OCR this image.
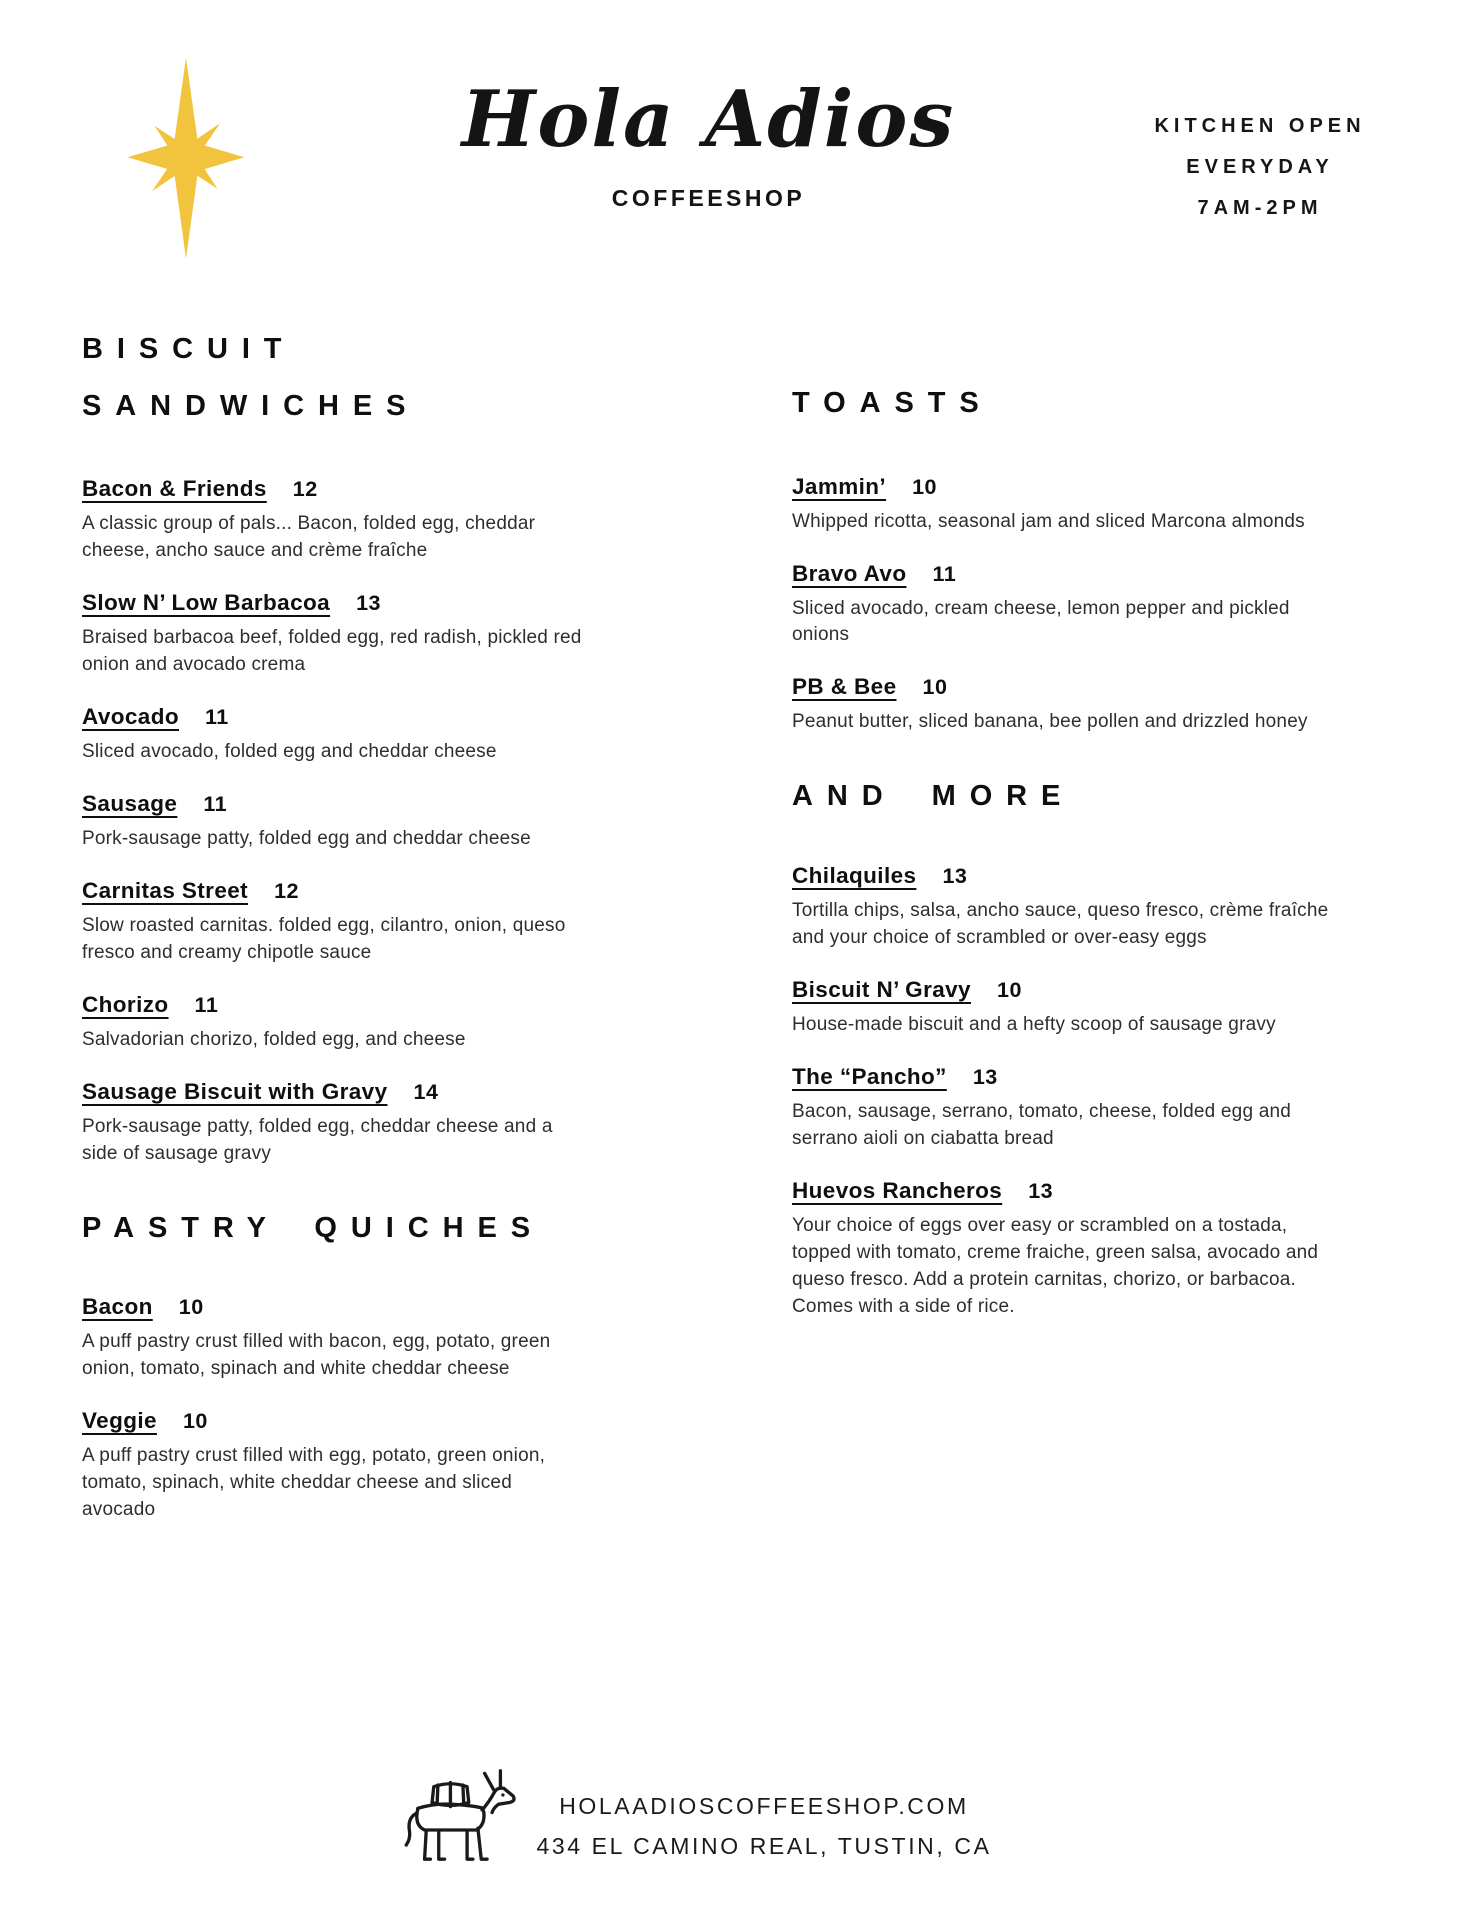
Hola Adios
COFFEESHOP
KITCHEN OPEN
EVERYDAY
7AM-2PM
BISCUIT
SANDWICHES
Bacon & Friends 12

A classic group of pals... Bacon, folded egg, cheddar cheese, ancho sauce and crème fraîche

Slow N’ Low Barbacoa 13

Braised barbacoa beef, folded egg, red radish, pickled red onion and avocado crema

Avocado 11

Sliced avocado, folded egg and cheddar cheese

Sausage 11

Pork-sausage patty, folded egg and cheddar cheese

Carnitas Street 12

Slow roasted carnitas. folded egg, cilantro, onion, queso fresco and creamy chipotle sauce

Chorizo 11

Salvadorian chorizo, folded egg, and cheese

Sausage Biscuit with Gravy 14

Pork-sausage patty, folded egg, cheddar cheese and a side of sausage gravy

PASTRY QUICHES
Bacon 10

A puff pastry crust filled with bacon, egg, potato, green onion, tomato, spinach and white cheddar cheese

Veggie 10

A puff pastry crust filled with egg, potato, green onion, tomato, spinach, white cheddar cheese and sliced avocado

TOASTS
Jammin’ 10

Whipped ricotta, seasonal jam and sliced Marcona almonds

Bravo Avo 11

Sliced avocado, cream cheese, lemon pepper and pickled onions

PB & Bee 10

Peanut butter, sliced banana, bee pollen and drizzled honey

AND MORE
Chilaquiles 13

Tortilla chips, salsa, ancho sauce, queso fresco, crème fraîche and your choice of scrambled or over-easy eggs

Biscuit N’ Gravy 10

House-made biscuit and a hefty scoop of sausage gravy

The “Pancho” 13

Bacon, sausage, serrano, tomato, cheese, folded egg and serrano aioli on ciabatta bread

Huevos Rancheros 13

Your choice of eggs over easy or scrambled on a tostada, topped with tomato, creme fraiche, green salsa, avocado and queso fresco. Add a protein carnitas, chorizo, or barbacoa. Comes with a side of rice.

HOLAADIOSCOFFEESHOP.COM
434 EL CAMINO REAL, TUSTIN, CA
